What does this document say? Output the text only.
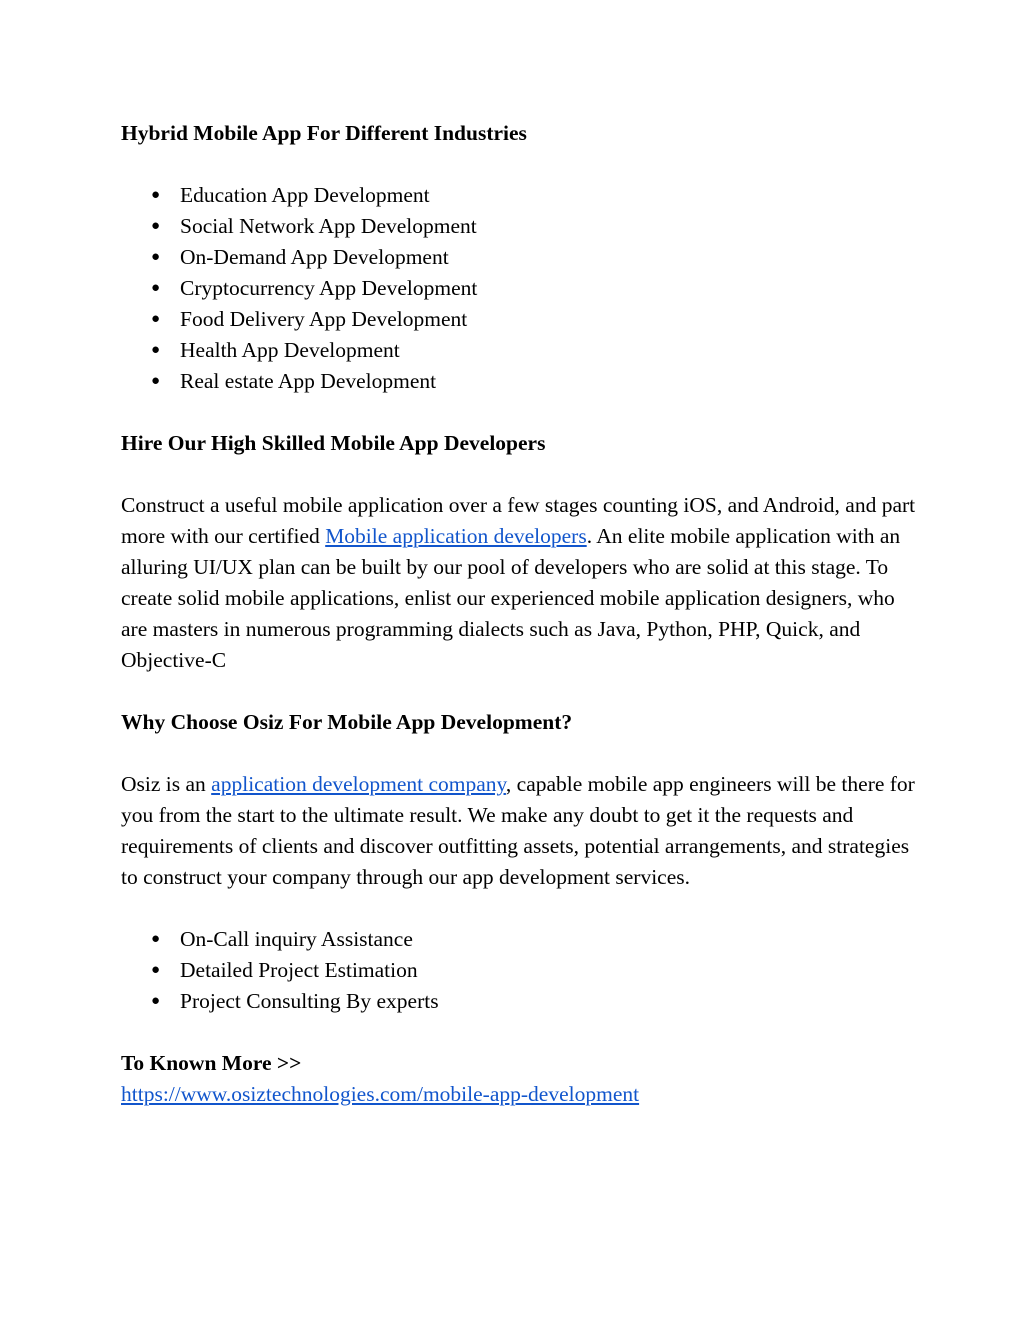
Hybrid Mobile App For Different Industries

● Education App Development
● Social Network App Development
● On-Demand App Development
● Cryptocurrency App Development
● Food Delivery App Development
● Health App Development
● Real estate App Development

Hire Our High Skilled Mobile App Developers

Construct a useful mobile application over a few stages counting iOS, and Android, and part more with our certified Mobile application developers. An elite mobile application with an alluring UI/UX plan can be built by our pool of developers who are solid at this stage. To create solid mobile applications, enlist our experienced mobile application designers, who are masters in numerous programming dialects such as Java, Python, PHP, Quick, and Objective-C

Why Choose Osiz For Mobile App Development?

Osiz is an application development company, capable mobile app engineers will be there for you from the start to the ultimate result. We make any doubt to get it the requests and requirements of clients and discover outfitting assets, potential arrangements, and strategies to construct your company through our app development services.

● On-Call inquiry Assistance
● Detailed Project Estimation
● Project Consulting By experts

To Known More >>

https://www.osiztechnologies.com/mobile-app-development
